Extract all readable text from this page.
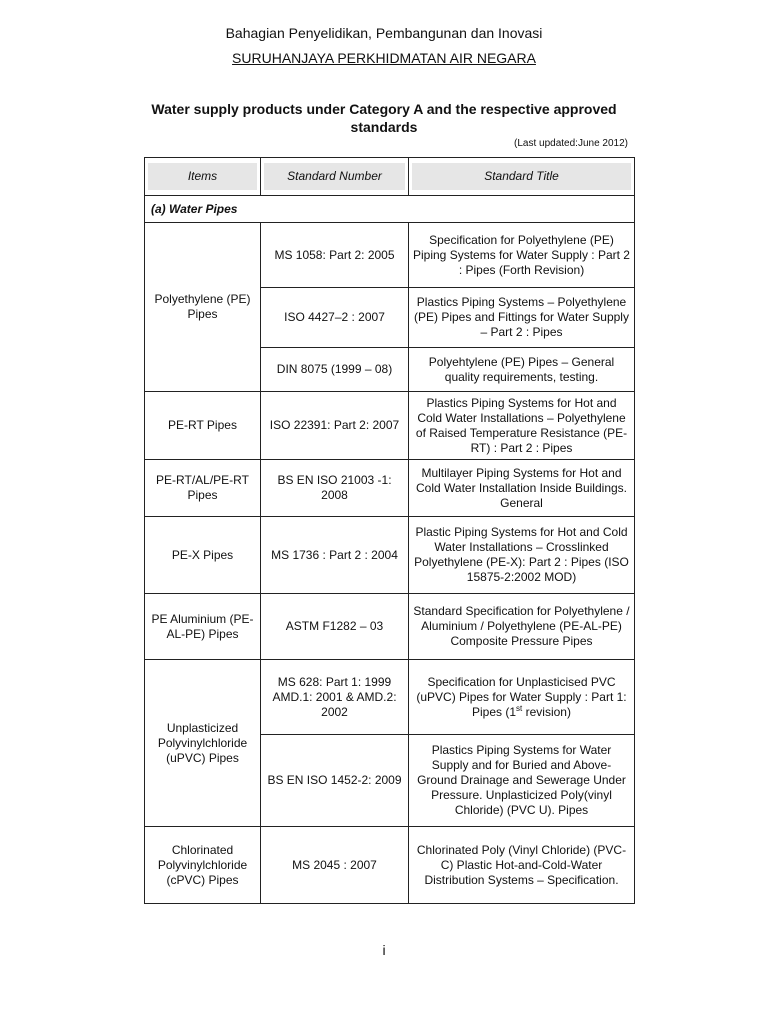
Bahagian Penyelidikan, Pembangunan dan Inovasi
SURUHANJAYA PERKHIDMATAN AIR NEGARA
Water supply products under Category A and the respective approved standards
(Last updated:June 2012)
Items	Standard Number	Standard Title

(a) Water Pipes		
Polyethylene (PE) Pipes	MS 1058: Part 2: 2005	Specification for Polyethylene (PE) Piping Systems for Water Supply : Part 2 : Pipes (Forth Revision)
	ISO 4427–2 : 2007	Plastics Piping Systems – Polyethylene (PE) Pipes and Fittings for Water Supply – Part 2 : Pipes
	DIN 8075 (1999 – 08)	Polyehtylene (PE) Pipes – General quality requirements, testing.
PE-RT Pipes	ISO 22391: Part 2: 2007	Plastics Piping Systems for Hot and Cold Water Installations – Polyethylene of Raised Temperature Resistance (PE-RT) : Part 2 : Pipes
PE-RT/AL/PE-RT Pipes	BS EN ISO 21003 -1: 2008	Multilayer Piping Systems for Hot and Cold Water Installation Inside Buildings. General
PE-X Pipes	MS 1736 : Part 2 : 2004	Plastic Piping Systems for Hot and Cold Water Installations – Crosslinked Polyethylene (PE-X): Part 2 : Pipes (ISO 15875-2:2002 MOD)
PE Aluminium (PE-AL-PE) Pipes	ASTM F1282 – 03	Standard Specification for Polyethylene / Aluminium / Polyethylene (PE-AL-PE) Composite Pressure Pipes
Unplasticized Polyvinylchloride (uPVC) Pipes	MS 628: Part 1: 1999 AMD.1: 2001 & AMD.2: 2002	Specification for Unplasticised PVC (uPVC) Pipes for Water Supply : Part 1: Pipes (1st revision)
	BS EN ISO 1452-2: 2009	Plastics Piping Systems for Water Supply and for Buried and Above-Ground Drainage and Sewerage Under Pressure. Unplasticized Poly(vinyl Chloride) (PVC U). Pipes
Chlorinated Polyvinylchloride (cPVC) Pipes	MS 2045 : 2007	Chlorinated Poly (Vinyl Chloride) (PVC-C) Plastic Hot-and-Cold-Water Distribution Systems – Specification.
i
